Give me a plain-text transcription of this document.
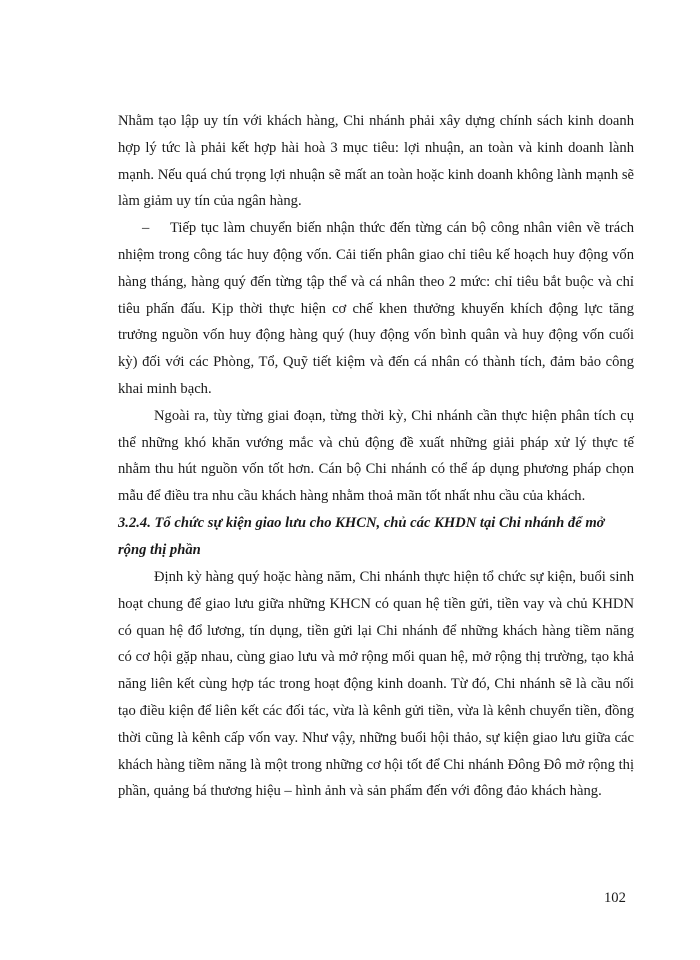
Nhằm tạo lập uy tín với khách hàng, Chi nhánh phải xây dựng chính sách kinh doanh hợp lý tức là phải kết hợp hài hoà 3 mục tiêu: lợi nhuận, an toàn và kinh doanh lành mạnh. Nếu quá chú trọng lợi nhuận sẽ mất an toàn hoặc kinh doanh không lành mạnh sẽ làm giảm uy tín của ngân hàng.

– Tiếp tục làm chuyển biến nhận thức đến từng cán bộ công nhân viên về trách nhiệm trong công tác huy động vốn. Cải tiến phân giao chỉ tiêu kế hoạch huy động vốn hàng tháng, hàng quý đến từng tập thể và cá nhân theo 2 mức: chỉ tiêu bắt buộc và chỉ tiêu phấn đấu. Kịp thời thực hiện cơ chế khen thưởng khuyến khích động lực tăng trưởng nguồn vốn huy động hàng quý (huy động vốn bình quân và huy động vốn cuối kỳ) đối với các Phòng, Tổ, Quỹ tiết kiệm và đến cá nhân có thành tích, đảm bảo công khai minh bạch.

Ngoài ra, tùy từng giai đoạn, từng thời kỳ, Chi nhánh cần thực hiện phân tích cụ thể những khó khăn vướng mắc và chủ động đề xuất những giải pháp xử lý thực tế nhằm thu hút nguồn vốn tốt hơn. Cán bộ Chi nhánh có thể áp dụng phương pháp chọn mẫu để điều tra nhu cầu khách hàng nhằm thoả mãn tốt nhất nhu cầu của khách.

3.2.4. Tổ chức sự kiện giao lưu cho KHCN, chủ các KHDN tại Chi nhánh để mở rộng thị phần

Định kỳ hàng quý hoặc hàng năm, Chi nhánh thực hiện tổ chức sự kiện, buổi sinh hoạt chung để giao lưu giữa những KHCN có quan hệ tiền gửi, tiền vay và chủ KHDN có quan hệ đổ lương, tín dụng, tiền gửi lại Chi nhánh để những khách hàng tiềm năng có cơ hội gặp nhau, cùng giao lưu và mở rộng mối quan hệ, mở rộng thị trường, tạo khả năng liên kết cùng hợp tác trong hoạt động kinh doanh. Từ đó, Chi nhánh sẽ là cầu nối tạo điều kiện để liên kết các đối tác, vừa là kênh gửi tiền, vừa là kênh chuyển tiền, đồng thời cũng là kênh cấp vốn vay. Như vậy, những buổi hội thảo, sự kiện giao lưu giữa các khách hàng tiềm năng là một trong những cơ hội tốt để Chi nhánh Đông Đô mở rộng thị phần, quảng bá thương hiệu – hình ảnh và sản phẩm đến với đông đảo khách hàng.

102
